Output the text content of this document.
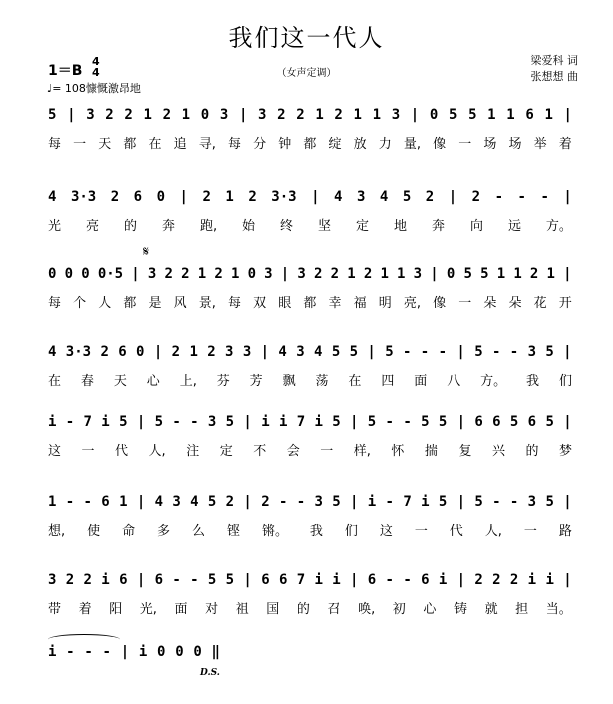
我们这一代人
（女声定调）
梁爱科 词
张想想 曲
1＝B
4
4
♩= 108慷慨激昂地
5 | 3 2 2 1 2 1 0 3 | 3 2 2 1 2 1 1 3 | 0 5 5 1 1 6 1 |
每 一 天 都 在 追 寻, 每 分 钟 都 绽 放 力 量, 像 一 场 场 举 着
4 3·3 2 6 0 | 2 1 2 3·3 | 4 3 4 5 2 | 2 - - - |
光 亮 的 奔 跑, 始 终 坚 定 地 奔 向 远 方。
0 0 0 0·5 | 3 2 2 1 2 1 0 3 | 3 2 2 1 2 1 1 3 | 0 5 5 1 1 2 1 |
每 个 人 都 是 风 景, 每 双 眼 都 幸 福 明 亮, 像 一 朵 朵 花 开
𝄋
4 3·3 2 6 0 | 2 1 2 3 3 | 4 3 4 5 5 | 5 - - - | 5 - - 3 5 |
在 春 天 心 上, 芬 芳 飘 荡 在 四 面 八 方。 我 们
i - 7 i 5 | 5 - - 3 5 | i i 7 i 5 | 5 - - 5 5 | 6 6 5 6 5 |
这 一 代 人, 注 定 不 会 一 样, 怀 揣 复 兴 的 梦
1 - - 6 1 | 4 3 4 5 2 | 2 - - 3 5 | i - 7 i 5 | 5 - - 3 5 |
想, 使 命 多 么 铿 锵。 我 们 这 一 代 人, 一 路
3 2 2 i 6 | 6 - - 5 5 | 6 6 7 i i | 6 - - 6 i | 2 2 2 i i |
带 着 阳 光, 面 对 祖 国 的 召 唤, 初 心 铸 就 担 当。
i - - - | i 0 0 0 ‖
D.S.
